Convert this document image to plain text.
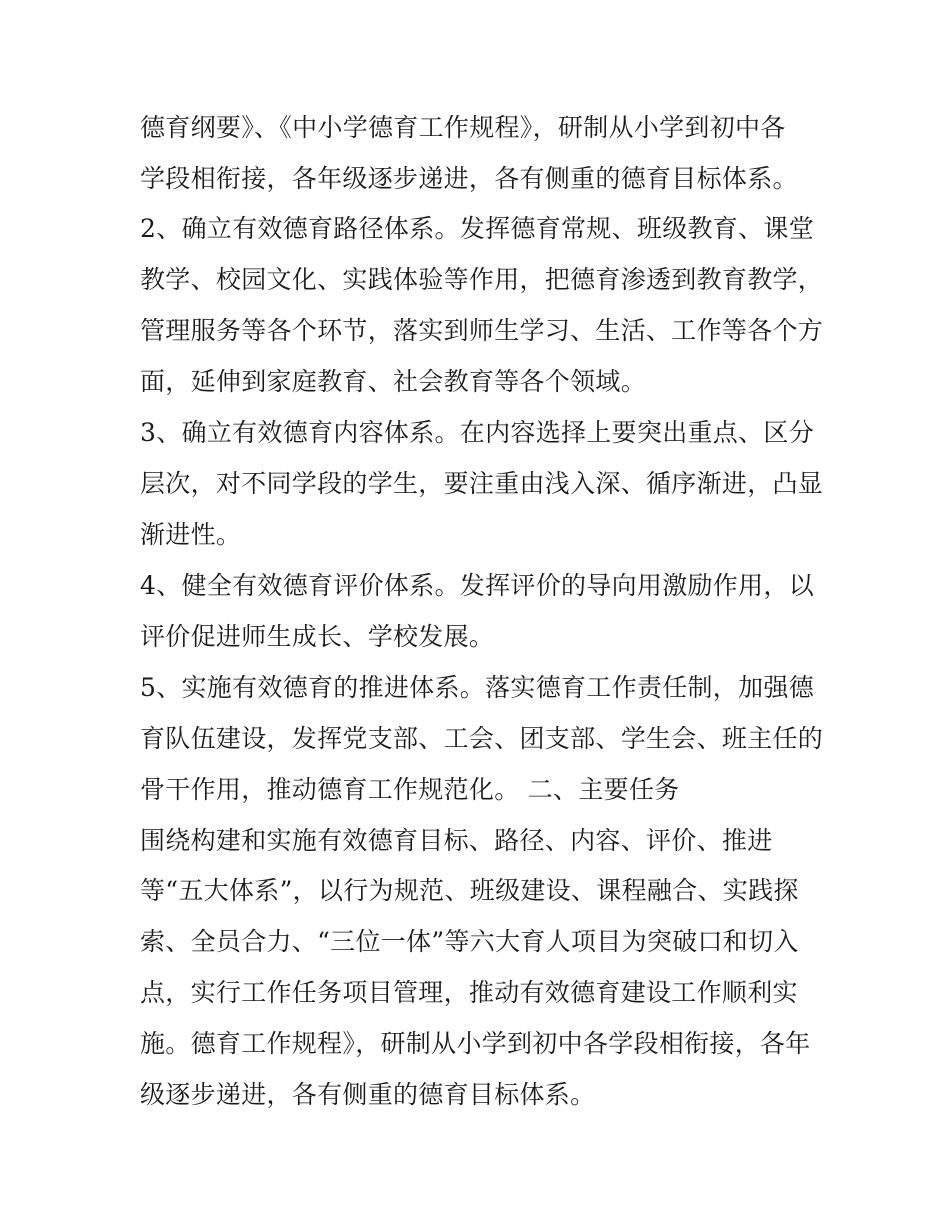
德育纲要》、《中小学德育工作规程》，研制从小学到初中各
学段相衔接，各年级逐步递进，各有侧重的德育目标体系。
2、确立有效德育路径体系。发挥德育常规、班级教育、课堂
教学、校园文化、实践体验等作用，把德育渗透到教育教学，
管理服务等各个环节，落实到师生学习、生活、工作等各个方
面，延伸到家庭教育、社会教育等各个领域。
3、确立有效德育内容体系。在内容选择上要突出重点、区分
层次，对不同学段的学生，要注重由浅入深、循序渐进，凸显
渐进性。
4、健全有效德育评价体系。发挥评价的导向用激励作用，以
评价促进师生成长、学校发展。
5、实施有效德育的推进体系。落实德育工作责任制，加强德
育队伍建设，发挥党支部、工会、团支部、学生会、班主任的
骨干作用，推动德育工作规范化。 二、主要任务
围绕构建和实施有效德育目标、路径、内容、评价、推进
等“五大体系”，以行为规范、班级建设、课程融合、实践探
索、全员合力、“三位一体”等六大育人项目为突破口和切入
点，实行工作任务项目管理，推动有效德育建设工作顺利实
施。德育工作规程》，研制从小学到初中各学段相衔接，各年
级逐步递进，各有侧重的德育目标体系。
